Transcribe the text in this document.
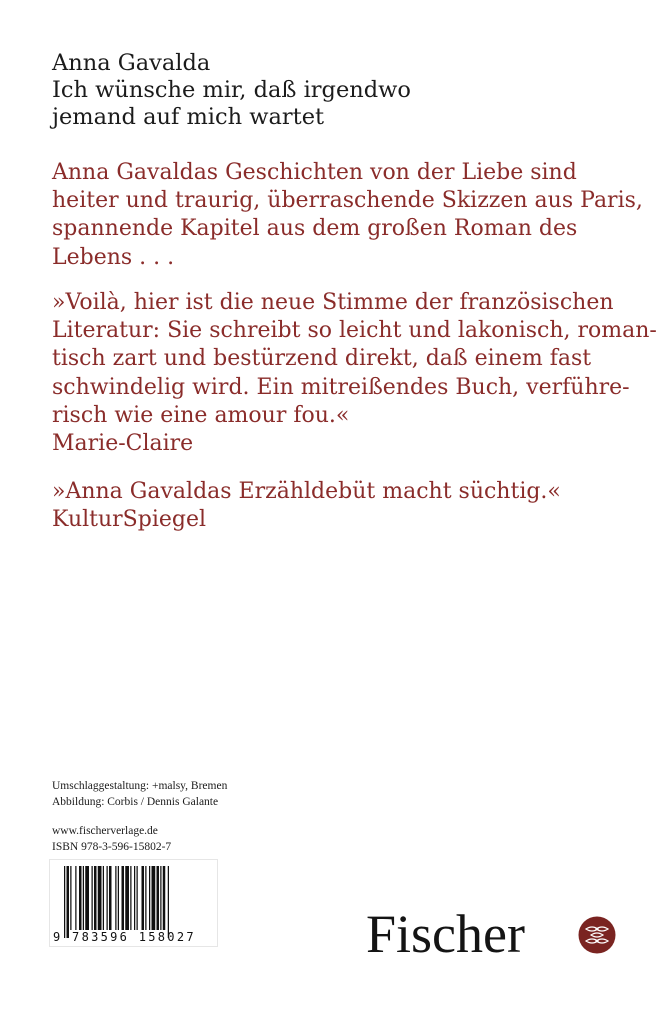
Anna Gavalda
Ich wünsche mir, daß irgendwo
jemand auf mich wartet
Anna Gavaldas Geschichten von der Liebe sind
heiter und traurig, überraschende Skizzen aus Paris,
spannende Kapitel aus dem großen Roman des
Lebens . . .
»Voilà, hier ist die neue Stimme der französischen
Literatur: Sie schreibt so leicht und lakonisch, roman-
tisch zart und bestürzend direkt, daß einem fast
schwindelig wird. Ein mitreißendes Buch, verführe-
risch wie eine amour fou.«
Marie-Claire
»Anna Gavaldas Erzähldebüt macht süchtig.«
KulturSpiegel
Umschlaggestaltung: +malsy, Bremen
Abbildung: Corbis / Dennis Galante
www.fischerverlage.de
ISBN 978-3-596-15802-7
9 783596 158027	Fischer
